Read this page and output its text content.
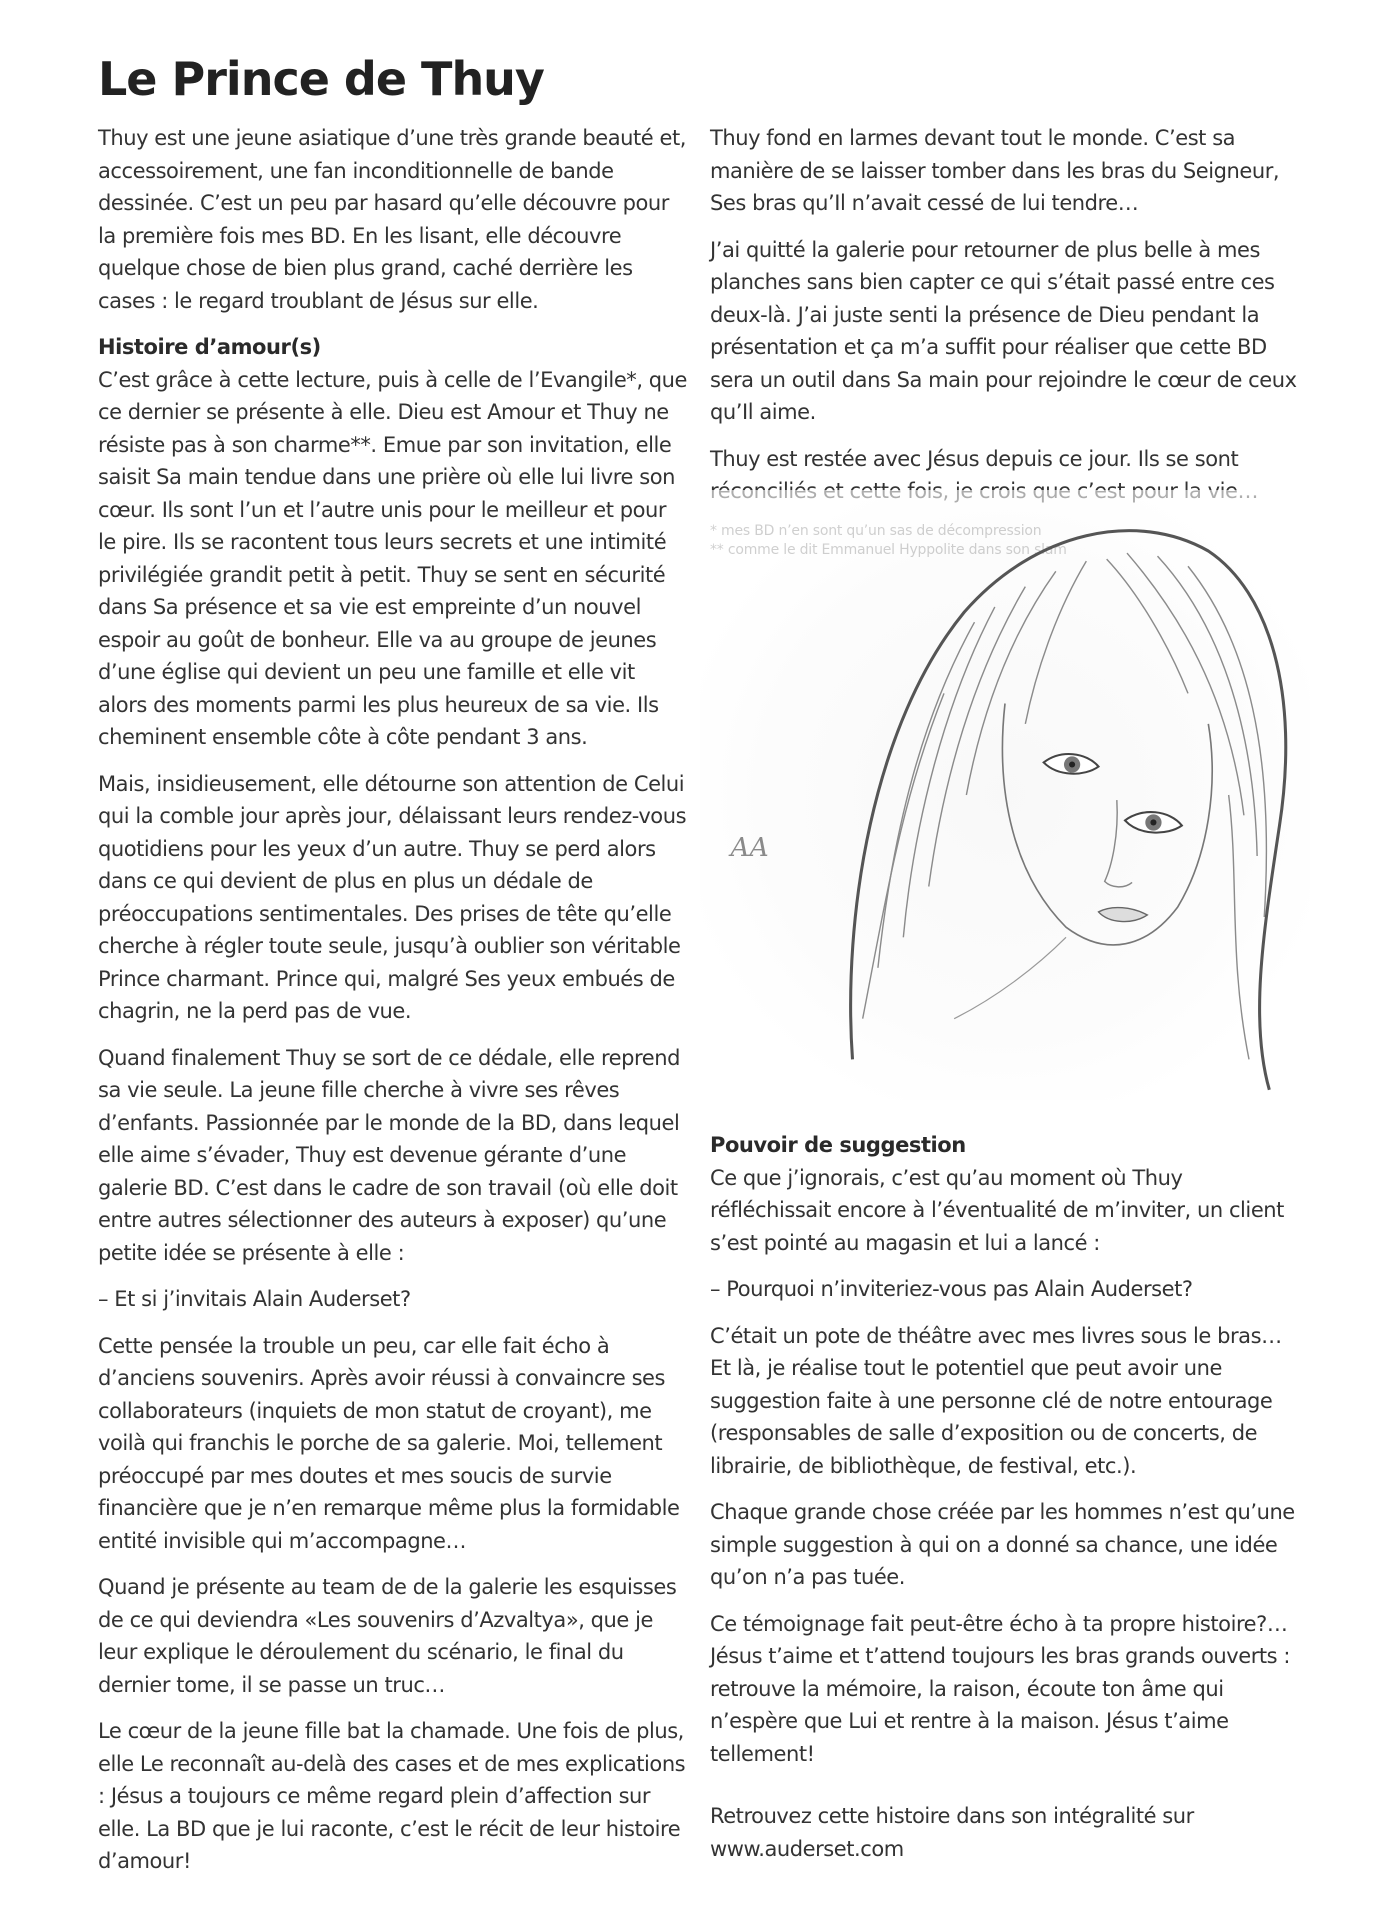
Le Prince de Thuy

Thuy est une jeune asiatique d’une très grande beauté et, accessoirement, une fan inconditionnelle de bande dessinée. C’est un peu par hasard qu’elle découvre pour la première fois mes BD. En les lisant, elle découvre quelque chose de bien plus grand, caché derrière les cases : le regard troublant de Jésus sur elle.

Histoire d’amour(s)

C’est grâce à cette lecture, puis à celle de l’Evangile*, que ce dernier se présente à elle. Dieu est Amour et Thuy ne résiste pas à son charme**. Emue par son invitation, elle saisit Sa main tendue dans une prière où elle lui livre son cœur. Ils sont l’un et l’autre unis pour le meilleur et pour le pire. Ils se racontent tous leurs secrets et une intimité privilégiée grandit petit à petit. Thuy se sent en sécurité dans Sa présence et sa vie est empreinte d’un nouvel espoir au goût de bonheur. Elle va au groupe de jeunes d’une église qui devient un peu une famille et elle vit alors des moments parmi les plus heureux de sa vie. Ils cheminent ensemble côte à côte pendant 3 ans.

Mais, insidieusement, elle détourne son attention de Celui qui la comble jour après jour, délaissant leurs rendez-vous quotidiens pour les yeux d’un autre. Thuy se perd alors dans ce qui devient de plus en plus un dédale de préoccupations sentimentales. Des prises de tête qu’elle cherche à régler toute seule, jusqu’à oublier son véritable Prince charmant. Prince qui, malgré Ses yeux embués de chagrin, ne la perd pas de vue.

Quand finalement Thuy se sort de ce dédale, elle reprend sa vie seule. La jeune fille cherche à vivre ses rêves d’enfants. Passionnée par le monde de la BD, dans lequel elle aime s’évader, Thuy est devenue gérante d’une galerie BD. C’est dans le cadre de son travail (où elle doit entre autres sélectionner des auteurs à exposer) qu’une petite idée se présente à elle :

– Et si j’invitais Alain Auderset?

Cette pensée la trouble un peu, car elle fait écho à d’anciens souvenirs. Après avoir réussi à convaincre ses collaborateurs (inquiets de mon statut de croyant), me voilà qui franchis le porche de sa galerie. Moi, tellement préoccupé par mes doutes et mes soucis de survie financière que je n’en remarque même plus la formidable entité invisible qui m’accompagne…

Quand je présente au team de de la galerie les esquisses de ce qui deviendra «Les souvenirs d’Azvaltya», que je leur explique le déroulement du scénario, le final du dernier tome, il se passe un truc…

Le cœur de la jeune fille bat la chamade. Une fois de plus, elle Le reconnaît au-delà des cases et de mes explications : Jésus a toujours ce même regard plein d’affection sur elle. La BD que je lui raconte, c’est le récit de leur histoire d’amour!

Thuy fond en larmes devant tout le monde. C’est sa manière de se laisser tomber dans les bras du Seigneur, Ses bras qu’Il n’avait cessé de lui tendre…

J’ai quitté la galerie pour retourner de plus belle à mes planches sans bien capter ce qui s’était passé entre ces deux-là. J’ai juste senti la présence de Dieu pendant la présentation et ça m’a suffit pour réaliser que cette BD sera un outil dans Sa main pour rejoindre le cœur de ceux qu’Il aime.

Thuy est restée avec Jésus depuis ce jour. Ils se sont

AA
Pouvoir de suggestion

Ce que j’ignorais, c’est qu’au moment où Thuy réfléchissait encore à l’éventualité de m’inviter, un client s’est pointé au magasin et lui a lancé :

– Pourquoi n’inviteriez-vous pas Alain Auderset?

C’était un pote de théâtre avec mes livres sous le bras… Et là, je réalise tout le potentiel que peut avoir une suggestion faite à une personne clé de notre entourage (responsables de salle d’exposition ou de concerts, de librairie, de bibliothèque, de festival, etc.).

Chaque grande chose créée par les hommes n’est qu’une simple suggestion à qui on a donné sa chance, une idée qu’on n’a pas tuée.

Ce témoignage fait peut-être écho à ta propre histoire?… Jésus t’aime et t’attend toujours les bras grands ouverts : retrouve la mémoire, la raison, écoute ton âme qui n’espère que Lui et rentre à la maison. Jésus t’aime tellement!

Retrouvez cette histoire dans son intégralité sur
www.auderset.com
